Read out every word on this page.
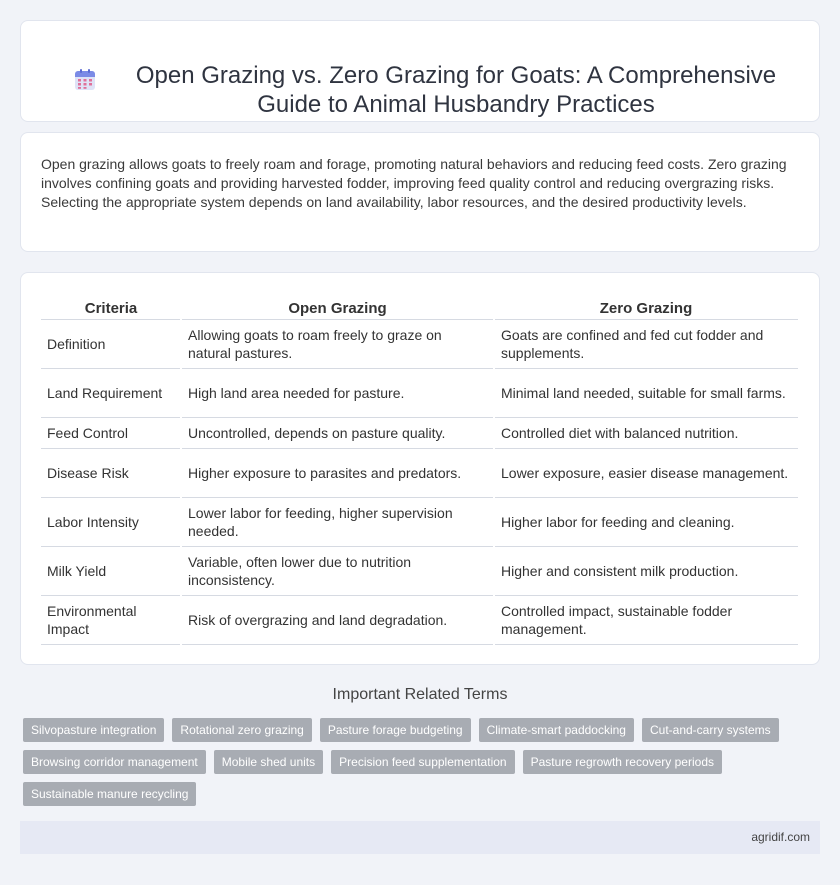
Open Grazing vs. Zero Grazing for Goats: A Comprehensive Guide to Animal Husbandry Practices

Open grazing allows goats to freely roam and forage, promoting natural behaviors and reducing feed costs. Zero grazing involves confining goats and providing harvested fodder, improving feed quality control and reducing overgrazing risks. Selecting the appropriate system depends on land availability, labor resources, and the desired productivity levels.

Criteria	Open Grazing	Zero Grazing
Definition	Allowing goats to roam freely to graze on natural pastures.	Goats are confined and fed cut fodder and supplements.
Land Requirement	High land area needed for pasture.	Minimal land needed, suitable for small farms.
Feed Control	Uncontrolled, depends on pasture quality.	Controlled diet with balanced nutrition.
Disease Risk	Higher exposure to parasites and predators.	Lower exposure, easier disease management.
Labor Intensity	Lower labor for feeding, higher supervision needed.	Higher labor for feeding and cleaning.
Milk Yield	Variable, often lower due to nutrition inconsistency.	Higher and consistent milk production.
Environmental Impact	Risk of overgrazing and land degradation.	Controlled impact, sustainable fodder management.
Important Related Terms
Silvopasture integration	Rotational zero grazing	Pasture forage budgeting	Climate-smart paddocking	Cut-and-carry systems
Browsing corridor management	Mobile shed units	Precision feed supplementation	Pasture regrowth recovery periods
Sustainable manure recycling
agridif.com
